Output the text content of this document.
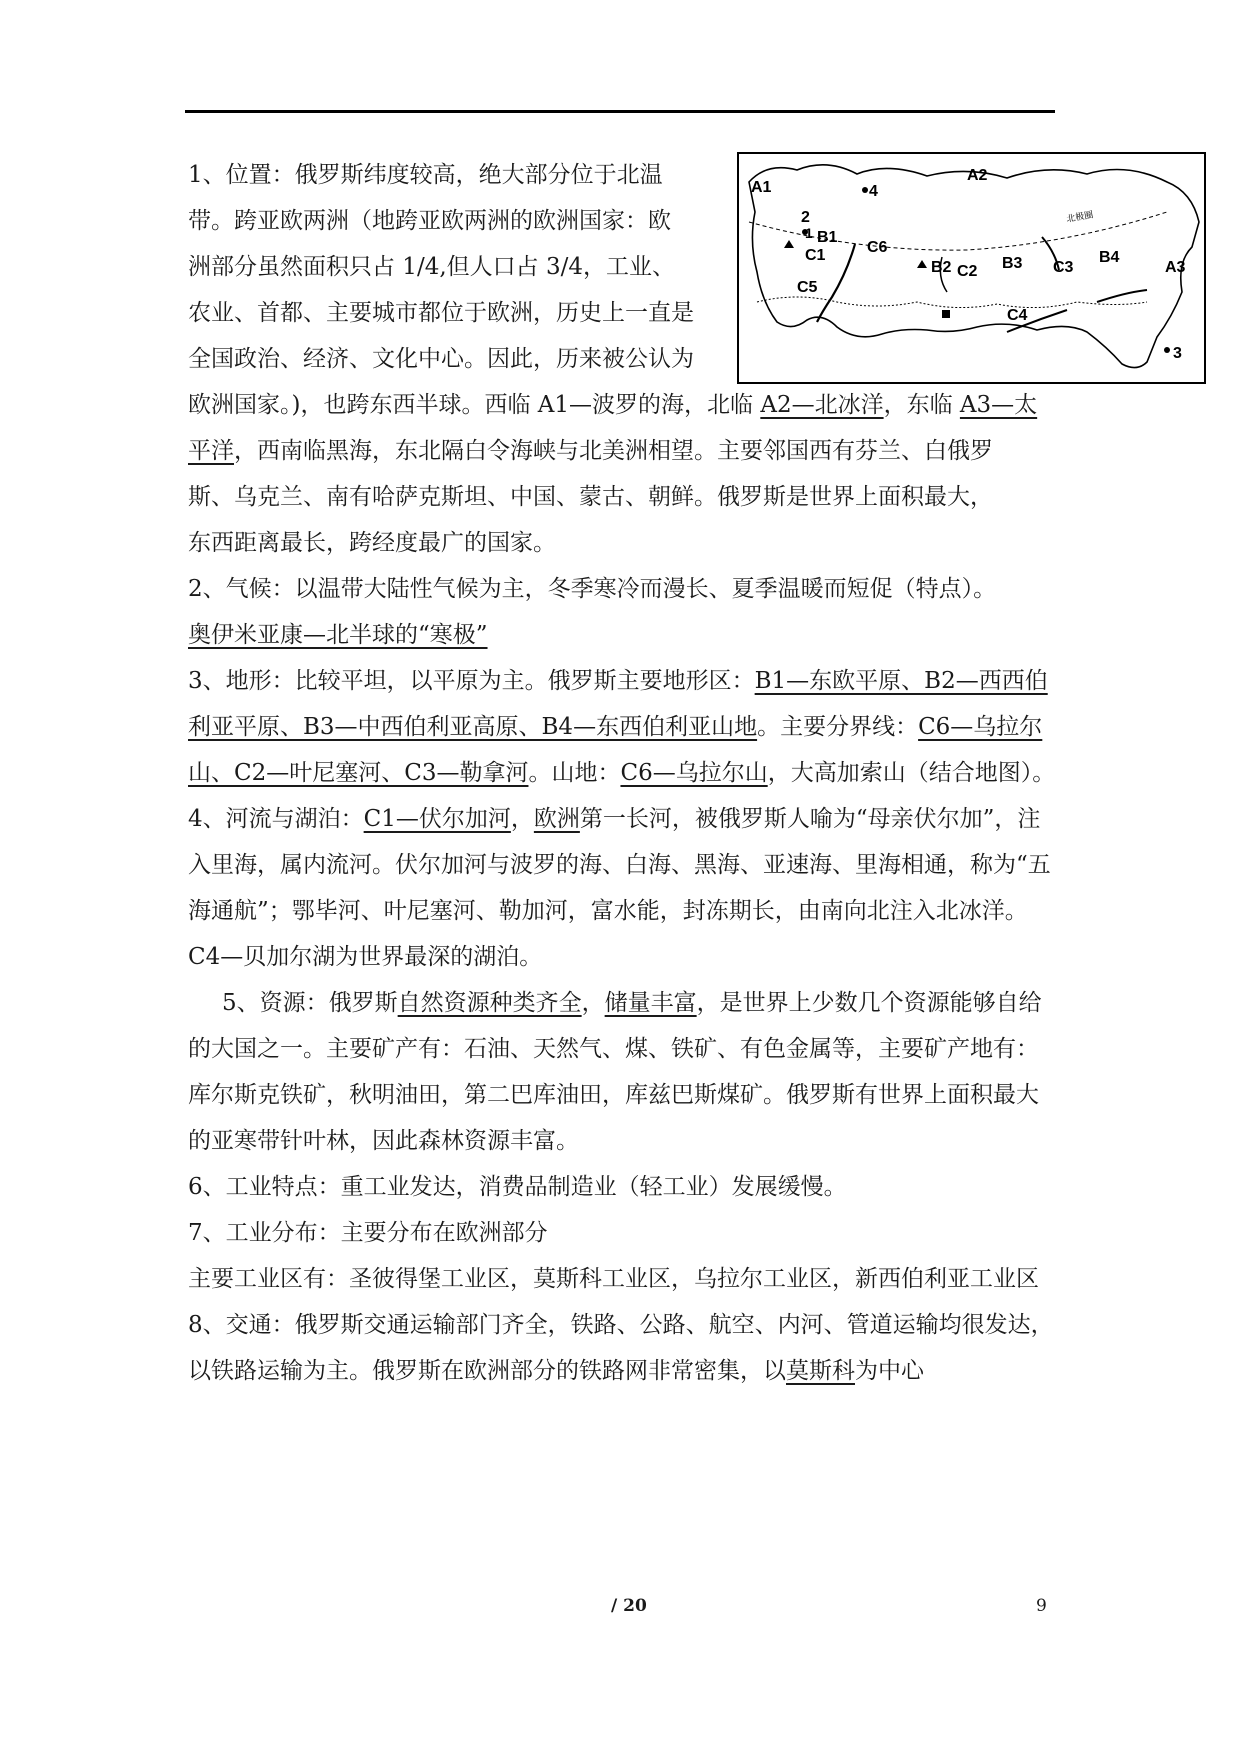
A1
A2
A3
B1
B2	B3	B4
C1
C2	C3
C4
C5
C6
1
2
3
4
北极圈
1、位置：俄罗斯纬度较高，绝大部分位于北温
带。跨亚欧两洲（地跨亚欧两洲的欧洲国家：欧
洲部分虽然面积只占 1/4,但人口占 3/4，工业、
农业、首都、主要城市都位于欧洲，历史上一直是
全国政治、经济、文化中心。因此，历来被公认为
欧洲国家。)，也跨东西半球。西临 A1—波罗的海，北临 A2—北冰洋，东临 A3—太
平洋，西南临黑海，东北隔白令海峡与北美洲相望。主要邻国西有芬兰、白俄罗
斯、乌克兰、南有哈萨克斯坦、中国、蒙古、朝鲜。俄罗斯是世界上面积最大，
东西距离最长，跨经度最广的国家。
2、气候：以温带大陆性气候为主，冬季寒冷而漫长、夏季温暖而短促（特点）。
奥伊米亚康—北半球的“寒极”
3、地形：比较平坦，以平原为主。俄罗斯主要地形区：B1—东欧平原、B2—西西伯利亚平原、B3—中西伯利亚高原、B4—东西伯利亚山地。主要分界线：C6—乌拉尔山、C2—叶尼塞河、C3—勒拿河。山地：C6—乌拉尔山，大高加索山（结合地图）。
4、河流与湖泊：C1—伏尔加河，欧洲第一长河，被俄罗斯人喻为“母亲伏尔加”，注入里海，属内流河。伏尔加河与波罗的海、白海、黑海、亚速海、里海相通，称为“五海通航”；鄂毕河、叶尼塞河、勒加河，富水能，封冻期长，由南向北注入北冰洋。C4—贝加尔湖为世界最深的湖泊。
5、资源：俄罗斯自然资源种类齐全，储量丰富，是世界上少数几个资源能够自给的大国之一。主要矿产有：石油、天然气、煤、铁矿、有色金属等，主要矿产地有：库尔斯克铁矿，秋明油田，第二巴库油田，库兹巴斯煤矿。俄罗斯有世界上面积最大的亚寒带针叶林，因此森林资源丰富。
6、工业特点：重工业发达，消费品制造业（轻工业）发展缓慢。
7、工业分布：主要分布在欧洲部分
主要工业区有：圣彼得堡工业区，莫斯科工业区，乌拉尔工业区，新西伯利亚工业区
8、交通：俄罗斯交通运输部门齐全，铁路、公路、航空、内河、管道运输均很发达，以铁路运输为主。俄罗斯在欧洲部分的铁路网非常密集，以莫斯科为中心
/ 20	9
